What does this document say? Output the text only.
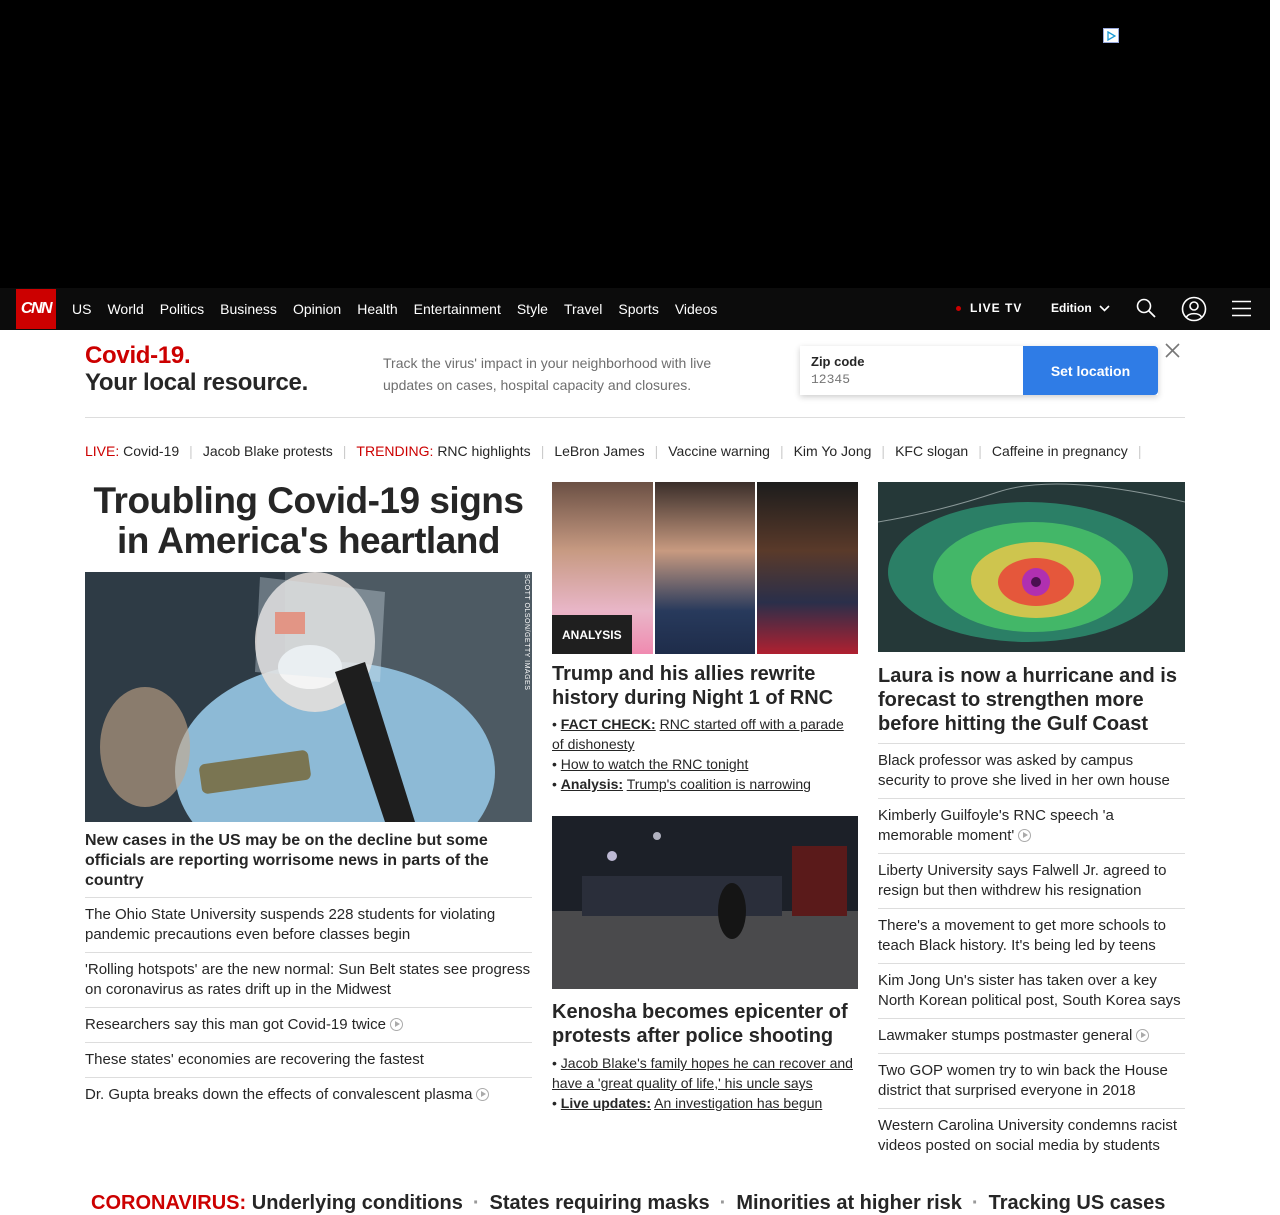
CNN	US	World	Politics	Business	Opinion	Health	Entertainment	Style	Travel	Sports	Videos	LIVE TV Edition
Covid-19.
Your local resource.
Track the virus' impact in your neighborhood with live updates on cases, hospital capacity and closures.
Zip code
12345
Set location
LIVE:
Covid-19 | Jacob Blake protests | TRENDING:
RNC highlights | LeBron James | Vaccine warning | Kim Yo Jong | KFC slogan | Caffeine in pregnancy |
Troubling Covid-19 signs in America's heartland
SCOTT OLSON/GETTY IMAGES
New cases in the US may be on the decline but some officials are reporting worrisome news in parts of the country
The Ohio State University suspends 228 students for violating pandemic precautions even before classes begin
'Rolling hotspots' are the new normal: Sun Belt states see progress on coronavirus as rates drift up in the Midwest
Researchers say this man got Covid-19 twice
These states' economies are recovering the fastest
Dr. Gupta breaks down the effects of convalescent plasma
ANALYSIS
Trump and his allies rewrite history during Night 1 of RNC
• FACT CHECK: RNC started off with a parade of dishonesty
• How to watch the RNC tonight
• Analysis: Trump's coalition is narrowing
Kenosha becomes epicenter of protests after police shooting
• Jacob Blake's family hopes he can recover and have a 'great quality of life,' his uncle says
• Live updates: An investigation has begun
Laura is now a hurricane and is forecast to strengthen more before hitting the Gulf Coast
Black professor was asked by campus security to prove she lived in her own house
Kimberly Guilfoyle's RNC speech 'a memorable moment'
Liberty University says Falwell Jr. agreed to resign but then withdrew his resignation
There's a movement to get more schools to teach Black history. It's being led by teens
Kim Jong Un's sister has taken over a key North Korean political post, South Korea says
Lawmaker stumps postmaster general
Two GOP women try to win back the House district that surprised everyone in 2018
Western Carolina University condemns racist videos posted on social media by students
CORONAVIRUS:
Underlying conditions · States requiring masks · Minorities at higher risk · Tracking US cases
